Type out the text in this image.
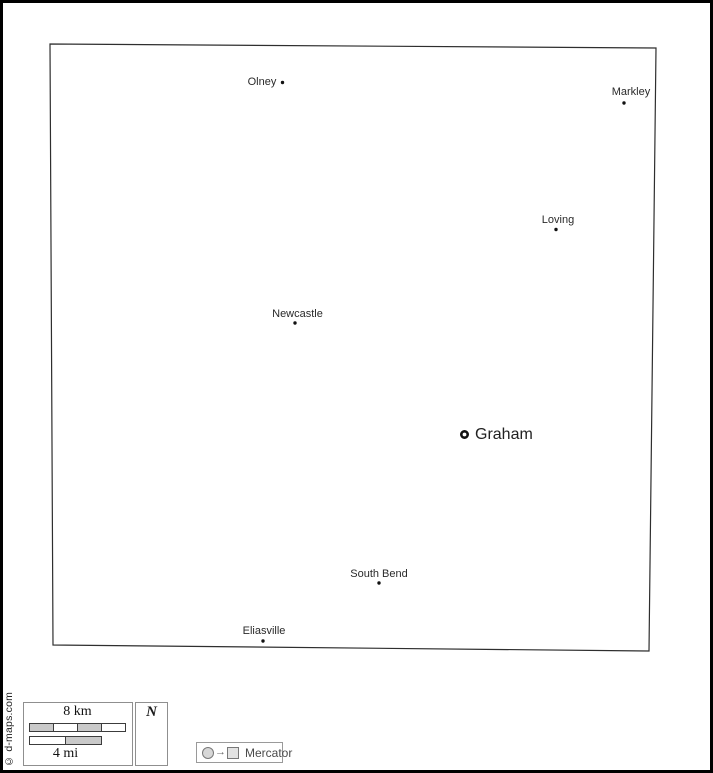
Olney
Markley
Loving
Newcastle
South Bend
Eliasville
Graham
8 km
4 mi
N
→ Mercator
© d-maps.com
